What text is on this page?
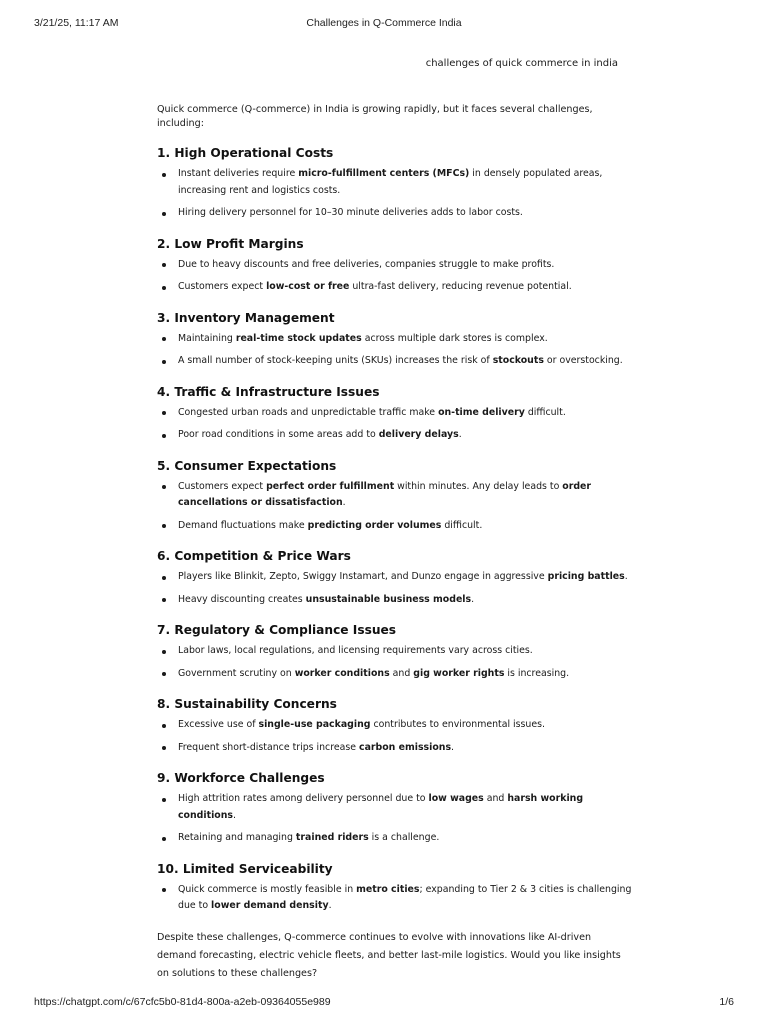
3/21/25, 11:17 AM	Challenges in Q-Commerce India
challenges of quick commerce in india

Quick commerce (Q-commerce) in India is growing rapidly, but it faces several challenges, including:

1. High Operational Costs
Instant deliveries require micro-fulfillment centers (MFCs) in densely populated areas, increasing rent and logistics costs.
Hiring delivery personnel for 10–30 minute deliveries adds to labor costs.
2. Low Profit Margins
Due to heavy discounts and free deliveries, companies struggle to make profits.
Customers expect low-cost or free ultra-fast delivery, reducing revenue potential.
3. Inventory Management
Maintaining real-time stock updates across multiple dark stores is complex.
A small number of stock-keeping units (SKUs) increases the risk of stockouts or overstocking.
4. Traffic & Infrastructure Issues
Congested urban roads and unpredictable traffic make on-time delivery difficult.
Poor road conditions in some areas add to delivery delays.
5. Consumer Expectations
Customers expect perfect order fulfillment within minutes. Any delay leads to order cancellations or dissatisfaction.
Demand fluctuations make predicting order volumes difficult.
6. Competition & Price Wars
Players like Blinkit, Zepto, Swiggy Instamart, and Dunzo engage in aggressive pricing battles.
Heavy discounting creates unsustainable business models.
7. Regulatory & Compliance Issues
Labor laws, local regulations, and licensing requirements vary across cities.
Government scrutiny on worker conditions and gig worker rights is increasing.
8. Sustainability Concerns
Excessive use of single-use packaging contributes to environmental issues.
Frequent short-distance trips increase carbon emissions.
9. Workforce Challenges
High attrition rates among delivery personnel due to low wages and harsh working conditions.
Retaining and managing trained riders is a challenge.
10. Limited Serviceability
Quick commerce is mostly feasible in metro cities; expanding to Tier 2 & 3 cities is challenging due to lower demand density.

Despite these challenges, Q-commerce continues to evolve with innovations like AI-driven demand forecasting, electric vehicle fleets, and better last-mile logistics. Would you like insights on solutions to these challenges?

https://chatgpt.com/c/67cfc5b0-81d4-800a-a2eb-09364055e989	1/6
